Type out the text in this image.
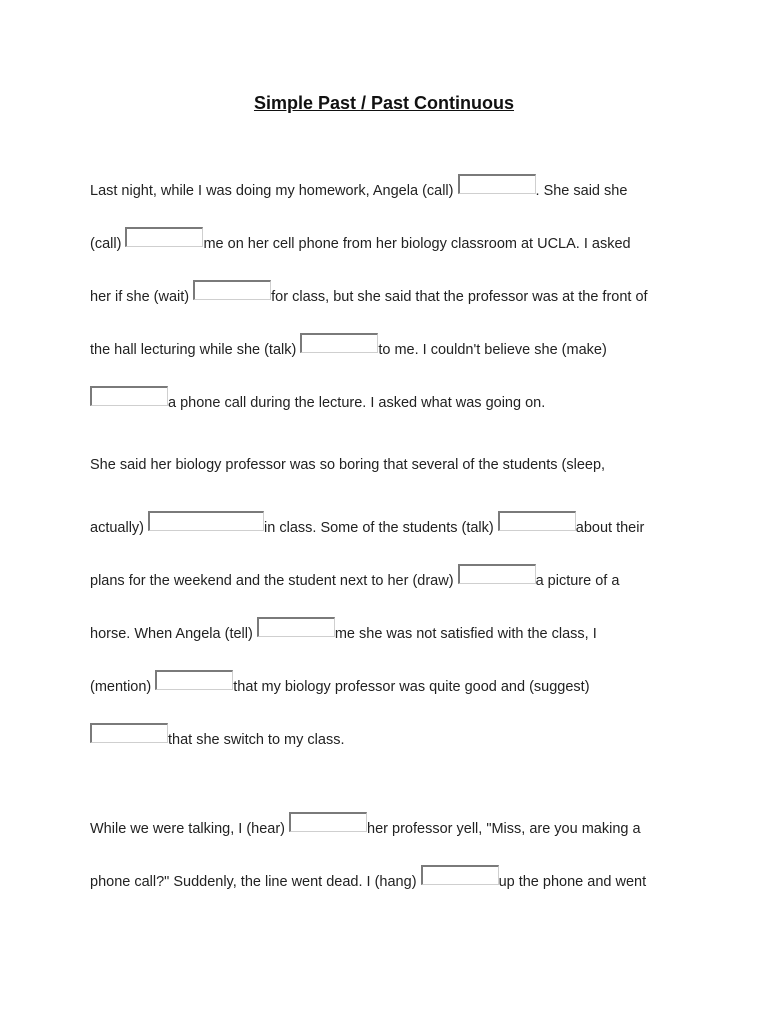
Simple Past / Past Continuous
Last night, while I was doing my homework, Angela (call)	. She said she
(call)	me on her cell phone from her biology classroom at UCLA. I asked
her if she (wait)	for class, but she said that the professor was at the front of
the hall lecturing while she (talk)	to me. I couldn't believe she (make)
a phone call during the lecture. I asked what was going on.
She said her biology professor was so boring that several of the students (sleep,
actually)	in class. Some of the students (talk)	about their
plans for the weekend and the student next to her (draw)	a picture of a
horse. When Angela (tell)	me she was not satisfied with the class, I
(mention)	that my biology professor was quite good and (suggest)
that she switch to my class.
While we were talking, I (hear)	her professor yell, "Miss, are you making a
phone call?" Suddenly, the line went dead. I (hang)	up the phone and went
